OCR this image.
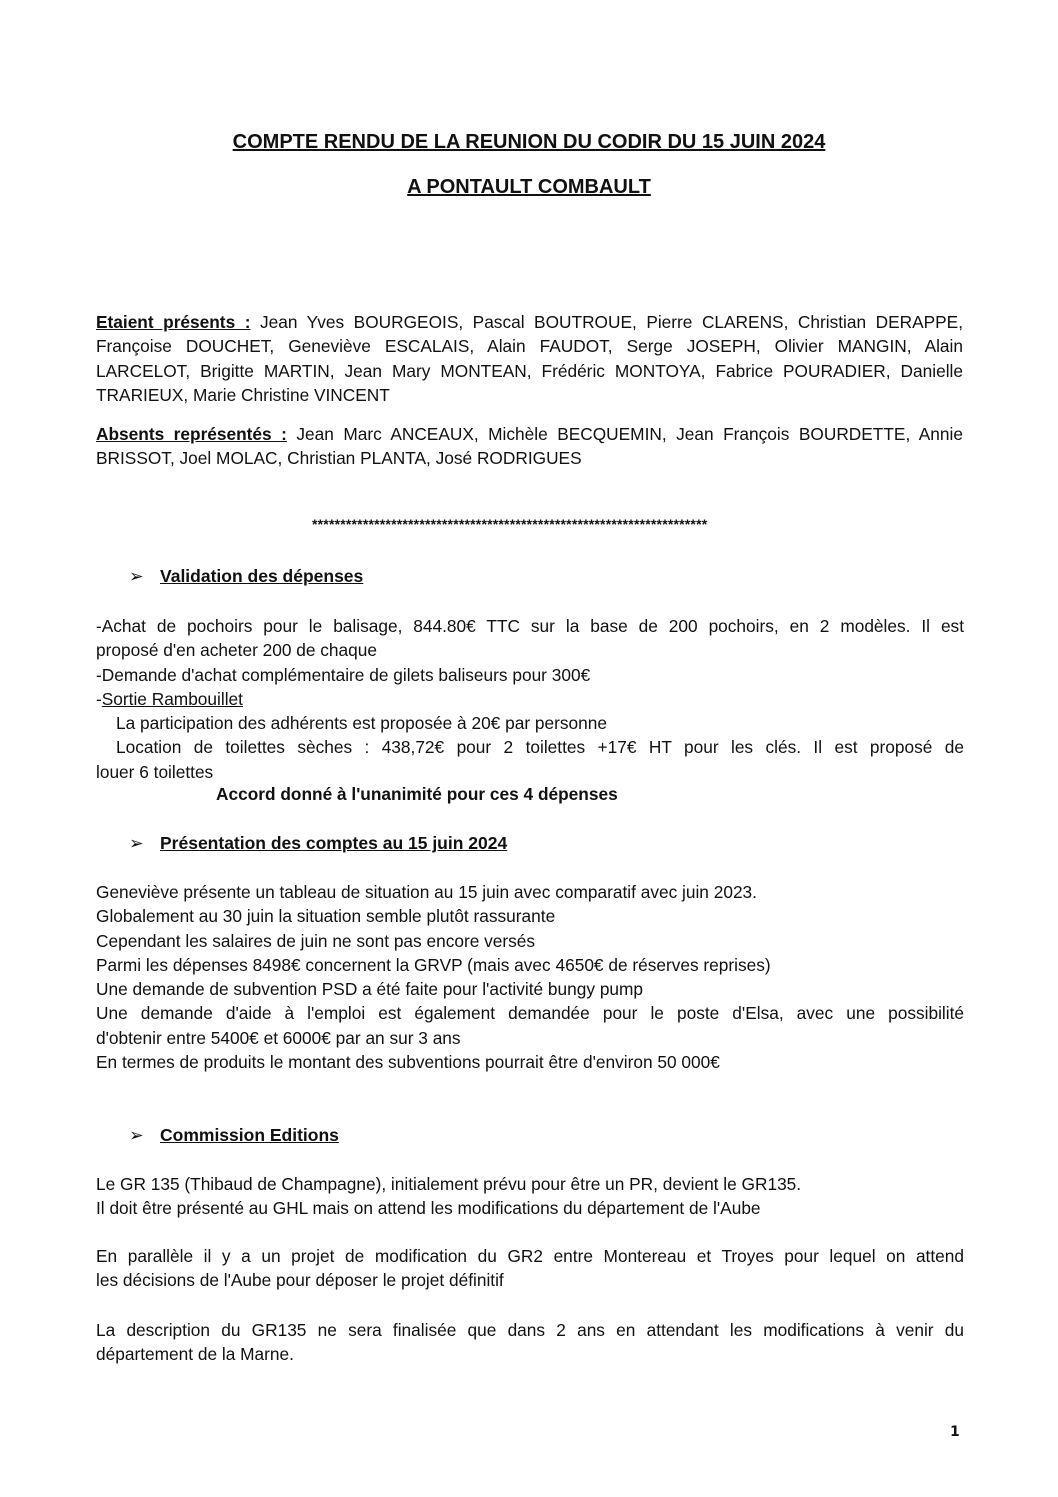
COMPTE RENDU DE LA REUNION DU CODIR DU 15 JUIN 2024

A PONTAULT COMBAULT

Etaient présents : Jean Yves BOURGEOIS, Pascal BOUTROUE, Pierre CLARENS, Christian DERAPPE, Françoise DOUCHET, Geneviève ESCALAIS, Alain FAUDOT, Serge JOSEPH, Olivier MANGIN, Alain LARCELOT, Brigitte MARTIN, Jean Mary MONTEAN, Frédéric MONTOYA, Fabrice POURADIER, Danielle TRARIEUX, Marie Christine VINCENT

Absents représentés : Jean Marc ANCEAUX, Michèle BECQUEMIN, Jean François BOURDETTE, Annie BRISSOT, Joel MOLAC, Christian PLANTA, José RODRIGUES

**********************************************************************

➢ Validation des dépenses

-Achat de pochoirs pour le balisage, 844.80€ TTC sur la base de 200 pochoirs, en 2 modèles. Il est
proposé d'en acheter 200 de chaque
-Demande d'achat complémentaire de gilets baliseurs pour 300€
-Sortie Rambouillet
La participation des adhérents est proposée à 20€ par personne
Location de toilettes sèches : 438,72€ pour 2 toilettes +17€ HT pour les clés. Il est proposé de
louer 6 toilettes

Accord donné à l'unanimité pour ces 4 dépenses

➢ Présentation des comptes au 15 juin 2024

Geneviève présente un tableau de situation au 15 juin avec comparatif avec juin 2023.
Globalement au 30 juin la situation semble plutôt rassurante
Cependant les salaires de juin ne sont pas encore versés
Parmi les dépenses 8498€ concernent la GRVP (mais avec 4650€ de réserves reprises)
Une demande de subvention PSD a été faite pour l'activité bungy pump
Une demande d'aide à l'emploi est également demandée pour le poste d'Elsa, avec une possibilité
d'obtenir entre 5400€ et 6000€ par an sur 3 ans
En termes de produits le montant des subventions pourrait être d'environ 50 000€

➢ Commission Editions

Le GR 135 (Thibaud de Champagne), initialement prévu pour être un PR, devient le GR135.
Il doit être présenté au GHL mais on attend les modifications du département de l'Aube
En parallèle il y a un projet de modification du GR2 entre Montereau et Troyes pour lequel on attend
les décisions de l'Aube pour déposer le projet définitif
La description du GR135 ne sera finalisée que dans 2 ans en attendant les modifications à venir du
département de la Marne.

1
